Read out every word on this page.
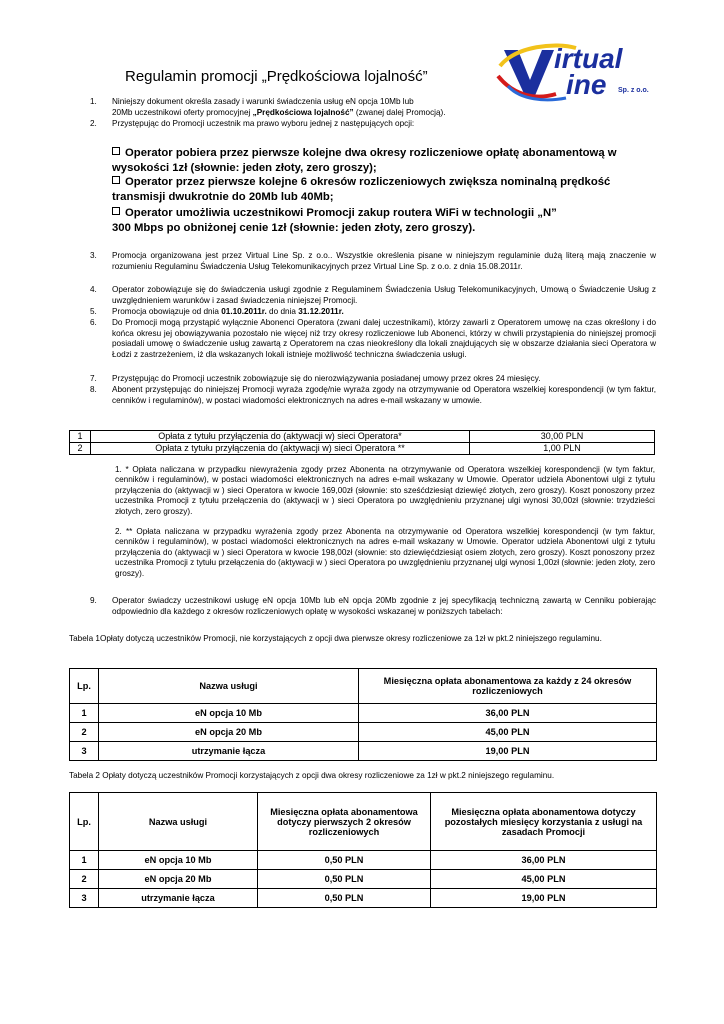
Regulamin promocji „Prędkościowa lojalność”
irtual
ine Sp. z o.o.
1.	Niniejszy dokument określa zasady i warunki świadczenia usług eN opcja 10Mb lub
20Mb uczestnikowi oferty promocyjnej „Prędkościowa lojalność” (zwanej dalej Promocją).
2.	Przystępując do Promocji uczestnik ma prawo wyboru jednej z następujących opcji:
Operator pobiera przez pierwsze kolejne dwa okresy rozliczeniowe opłatę abonamentową w wysokości 1zł (słownie: jeden złoty, zero groszy);
Operator przez pierwsze kolejne 6 okresów rozliczeniowych zwiększa nominalną prędkość transmisji dwukrotnie do 20Mb lub 40Mb;
Operator umożliwia uczestnikowi Promocji zakup routera WiFi w technologii „N”
300 Mbps po obniżonej cenie 1zł (słownie: jeden złoty, zero groszy).
3.	Promocja organizowana jest przez Virtual Line Sp. z o.o.. Wszystkie określenia pisane w niniejszym regulaminie dużą literą mają znaczenie w rozumieniu Regulaminu Świadczenia Usług Telekomunikacyjnych przez Virtual Line Sp. z o.o. z dnia 15.08.2011r.
4.	Operator zobowiązuje się do świadczenia usługi zgodnie z Regulaminem Świadczenia Usług Telekomunikacyjnych, Umową o Świadczenie Usług z uwzględnieniem warunków i zasad świadczenia niniejszej Promocji.
5.	Promocja obowiązuje od dnia 01.10.2011r. do dnia 31.12.2011r.
6.	Do Promocji mogą przystąpić wyłącznie Abonenci Operatora (zwani dalej uczestnikami), którzy zawarli z Operatorem umowę na czas określony i do końca okresu jej obowiązywania pozostało nie więcej niż trzy okresy rozliczeniowe lub Abonenci, którzy w chwili przystąpienia do niniejszej promocji posiadali umowę o świadczenie usług zawartą z Operatorem na czas nieokreślony dla lokali znajdujących się w obszarze działania sieci Operatora w Łodzi z zastrzeżeniem, iż dla wskazanych lokali istnieje możliwość techniczna świadczenia usługi.
7.	Przystępując do Promocji uczestnik zobowiązuje się do nierozwiązywania posiadanej umowy przez okres 24 miesięcy.
8.	Abonent przystępując do niniejszej Promocji wyraża zgodę/nie wyraża zgody na otrzymywanie od Operatora wszelkiej korespondencji (w tym faktur, cenników i regulaminów), w postaci wiadomości elektronicznych na adres e-mail wskazany w umowie.
1	Opłata z tytułu przyłączenia do (aktywacji w) sieci Operatora*	30,00 PLN
2	Opłata z tytułu przyłączenia do (aktywacji w) sieci Operatora **	1,00 PLN
1. * Opłata naliczana w przypadku niewyrażenia zgody przez Abonenta na otrzymywanie od Operatora wszelkiej korespondencji (w tym faktur, cenników i regulaminów), w postaci wiadomości elektronicznych na adres e-mail wskazany w Umowie. Operator udziela Abonentowi ulgi z tytułu przyłączenia do (aktywacji w ) sieci Operatora w kwocie 169,00zł (słownie: sto sześćdziesiąt dziewięć złotych, zero groszy). Koszt ponoszony przez uczestnika Promocji z tytułu przełączenia do (aktywacji w ) sieci Operatora po uwzględnieniu przyznanej ulgi wynosi 30,00zł (słownie: trzydzieści złotych, zero groszy).
2. ** Opłata naliczana w przypadku wyrażenia zgody przez Abonenta na otrzymywanie od Operatora wszelkiej korespondencji (w tym faktur, cenników i regulaminów), w postaci wiadomości elektronicznych na adres e-mail wskazany w Umowie. Operator udziela Abonentowi ulgi z tytułu przyłączenia do (aktywacji w ) sieci Operatora w kwocie 198,00zł (słownie: sto dziewięćdziesiąt osiem złotych, zero groszy). Koszt ponoszony przez uczestnika Promocji z tytułu przełączenia do (aktywacji w ) sieci Operatora po uwzględnieniu przyznanej ulgi wynosi 1,00zł (słownie: jeden złoty, zero groszy).
9.	Operator świadczy uczestnikowi usługę eN opcja 10Mb lub eN opcja 20Mb zgodnie z jej specyfikacją techniczną zawartą w Cenniku pobierając odpowiednio dla każdego z okresów rozliczeniowych opłatę w wysokości wskazanej w poniższych tabelach:
Tabela 1Opłaty dotyczą uczestników Promocji, nie korzystających z opcji dwa pierwsze okresy rozliczeniowe za 1zł w pkt.2 niniejszego regulaminu.
Lp.	Nazwa usługi	Miesięczna opłata abonamentowa za każdy z 24 okresów rozliczeniowych
1	eN opcja 10 Mb	36,00 PLN
2	eN opcja 20 Mb	45,00 PLN
3	utrzymanie łącza	19,00 PLN
Tabela 2 Opłaty dotyczą uczestników Promocji korzystających z opcji dwa okresy rozliczeniowe za 1zł w pkt.2 niniejszego regulaminu.
Lp.	Nazwa usługi	Miesięczna opłata abonamentowa dotyczy pierwszych 2 okresów rozliczeniowych	Miesięczna opłata abonamentowa dotyczy pozostałych miesięcy korzystania z usługi na zasadach Promocji
1	eN opcja 10 Mb	0,50 PLN	36,00 PLN
2	eN opcja 20 Mb	0,50 PLN	45,00 PLN
3	utrzymanie łącza	0,50 PLN	19,00 PLN
